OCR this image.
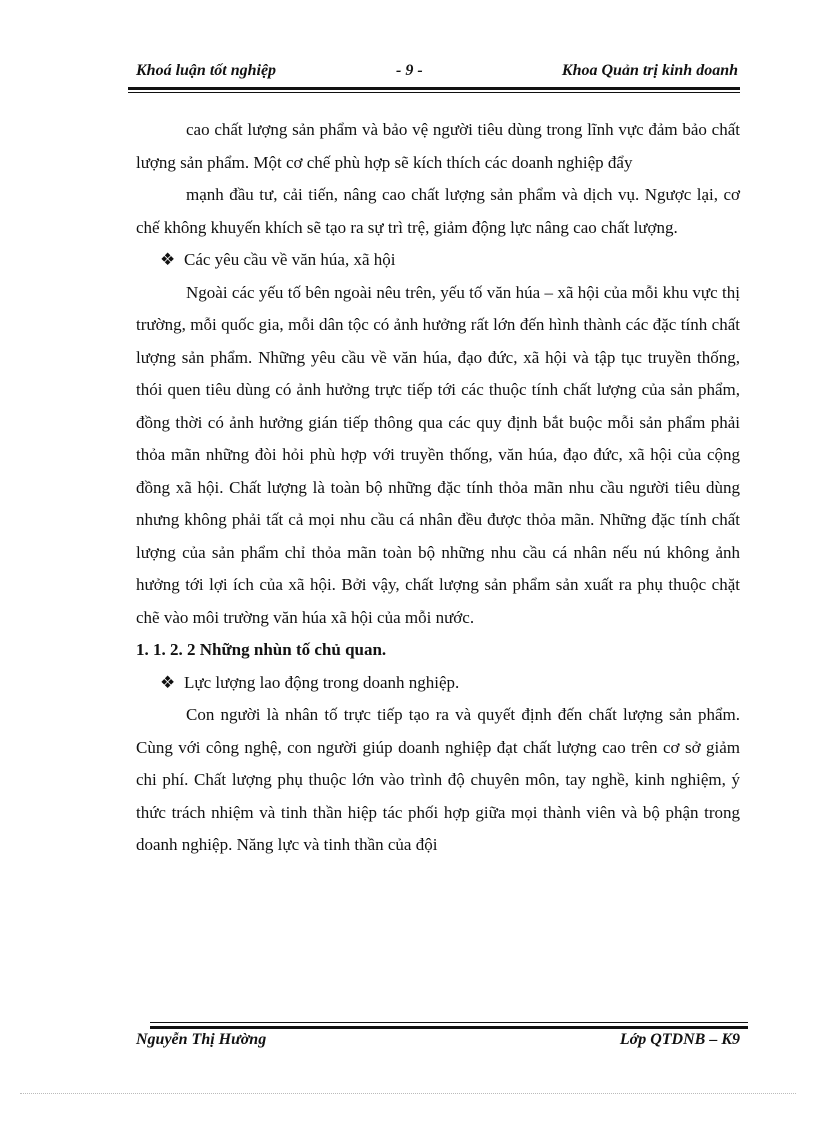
Khoá luận tốt nghiệp	- 9 -	Khoa Quản trị kinh doanh

cao chất lượng sản phẩm và bảo vệ người tiêu dùng trong lĩnh vực đảm bảo chất lượng sản phẩm. Một cơ chế phù hợp sẽ kích thích các doanh nghiệp đẩy

mạnh đầu tư, cải tiến, nâng cao chất lượng sản phẩm và dịch vụ. Ngược lại, cơ chế không khuyến khích sẽ tạo ra sự trì trệ, giảm động lực nâng cao chất lượng.

❖ Các yêu cầu về văn húa, xã hội

Ngoài các yếu tố bên ngoài nêu trên, yếu tố văn húa – xã hội của mỗi khu vực thị trường, mỗi quốc gia, mỗi dân tộc có ảnh hưởng rất lớn đến hình thành các đặc tính chất lượng sản phẩm. Những yêu cầu về văn húa, đạo đức, xã hội và tập tục truyền thống, thói quen tiêu dùng có ảnh hưởng trực tiếp tới các thuộc tính chất lượng của sản phẩm, đồng thời có ảnh hưởng gián tiếp thông qua các quy định bắt buộc mỗi sản phẩm phải thỏa mãn những đòi hỏi phù hợp với truyền thống, văn húa, đạo đức, xã hội của cộng đồng xã hội. Chất lượng là toàn bộ những đặc tính thỏa mãn nhu cầu người tiêu dùng nhưng không phải tất cả mọi nhu cầu cá nhân đều được thỏa mãn. Những đặc tính chất lượng của sản phẩm chỉ thỏa mãn toàn bộ những nhu cầu cá nhân nếu nú không ảnh hưởng tới lợi ích của xã hội. Bởi vậy, chất lượng sản phẩm sản xuất ra phụ thuộc chặt chẽ vào môi trường văn húa xã hội của mỗi nước.

1. 1. 2. 2 Những nhùn tố chủ quan.

❖ Lực lượng lao động trong doanh nghiệp.

Con người là nhân tố trực tiếp tạo ra và quyết định đến chất lượng sản phẩm. Cùng với công nghệ, con người giúp doanh nghiệp đạt chất lượng cao trên cơ sở giảm chi phí. Chất lượng phụ thuộc lớn vào trình độ chuyên môn, tay nghề, kinh nghiệm, ý thức trách nhiệm và tinh thần hiệp tác phối hợp giữa mọi thành viên và bộ phận trong doanh nghiệp. Năng lực và tinh thần của đội

Nguyễn Thị Hường	Lớp QTDNB – K9
